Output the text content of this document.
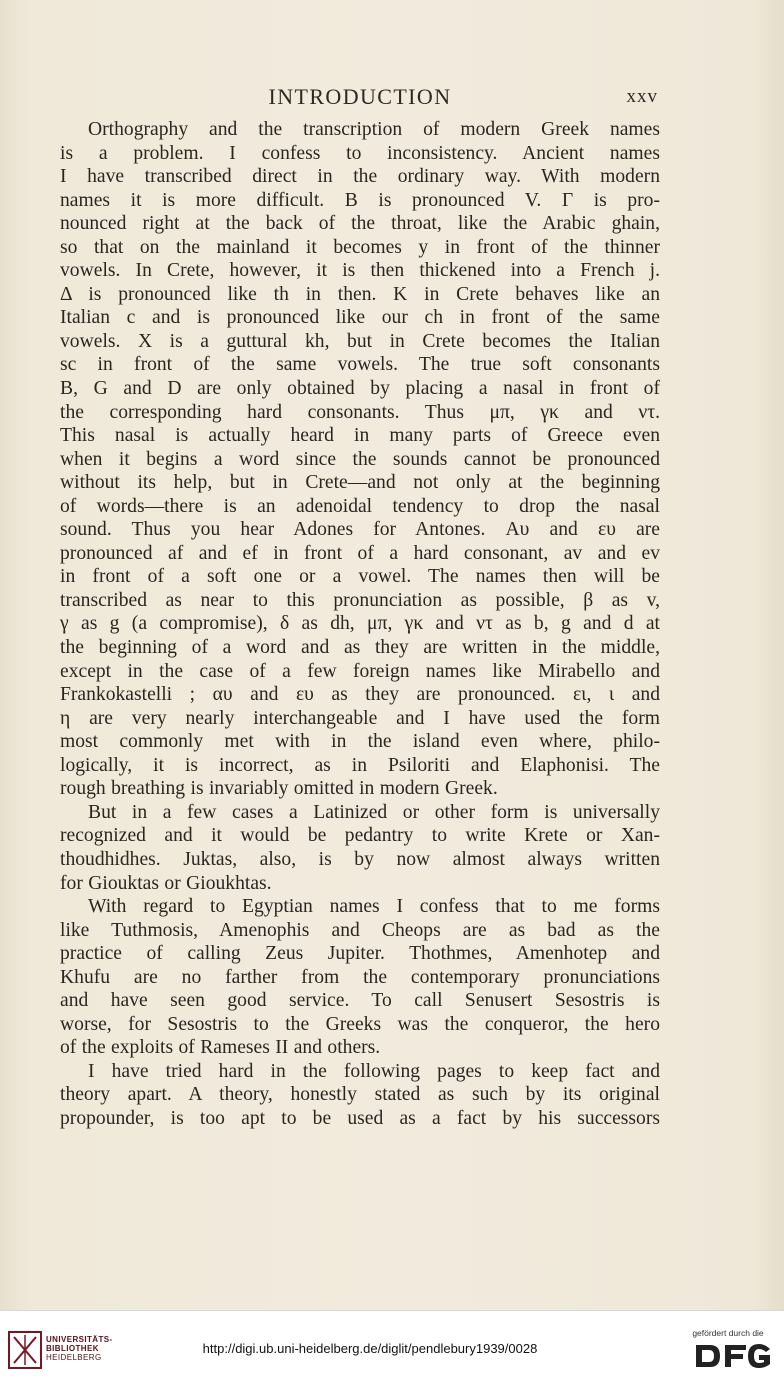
INTRODUCTION	xxv
Orthography and the transcription of modern Greek names
is a problem. I confess to inconsistency. Ancient names
I have transcribed direct in the ordinary way. With modern
names it is more difficult. B is pronounced V. Γ is pro-
nounced right at the back of the throat, like the Arabic ghain,
so that on the mainland it becomes y in front of the thinner
vowels. In Crete, however, it is then thickened into a French j.
Δ is pronounced like th in then. K in Crete behaves like an
Italian c and is pronounced like our ch in front of the same
vowels. X is a guttural kh, but in Crete becomes the Italian
sc in front of the same vowels. The true soft consonants
B, G and D are only obtained by placing a nasal in front of
the corresponding hard consonants. Thus μπ, γκ and ντ.
This nasal is actually heard in many parts of Greece even
when it begins a word since the sounds cannot be pronounced
without its help, but in Crete—and not only at the beginning
of words—there is an adenoidal tendency to drop the nasal
sound. Thus you hear Adones for Antones. Αυ and ευ are
pronounced af and ef in front of a hard consonant, av and ev
in front of a soft one or a vowel. The names then will be
transcribed as near to this pronunciation as possible, β as v,
γ as g (a compromise), δ as dh, μπ, γκ and ντ as b, g and d at
the beginning of a word and as they are written in the middle,
except in the case of a few foreign names like Mirabello and
Frankokastelli ; αυ and ευ as they are pronounced. ει, ι and
η are very nearly interchangeable and I have used the form
most commonly met with in the island even where, philo-
logically, it is incorrect, as in Psiloriti and Elaphonisi. The
rough breathing is invariably omitted in modern Greek.
But in a few cases a Latinized or other form is universally
recognized and it would be pedantry to write Krete or Xan-
thoudhidhes. Juktas, also, is by now almost always written
for Giouktas or Gioukhtas.
With regard to Egyptian names I confess that to me forms
like Tuthmosis, Amenophis and Cheops are as bad as the
practice of calling Zeus Jupiter. Thothmes, Amenhotep and
Khufu are no farther from the contemporary pronunciations
and have seen good service. To call Senusert Sesostris is
worse, for Sesostris to the Greeks was the conqueror, the hero
of the exploits of Rameses II and others.
I have tried hard in the following pages to keep fact and
theory apart. A theory, honestly stated as such by its original
propounder, is too apt to be used as a fact by his successors
UNIVERSITÄTS-
BIBLIOTHEK
HEIDELBERG
http://digi.ub.uni-heidelberg.de/diglit/pendlebury1939/0028
gefördert durch die
